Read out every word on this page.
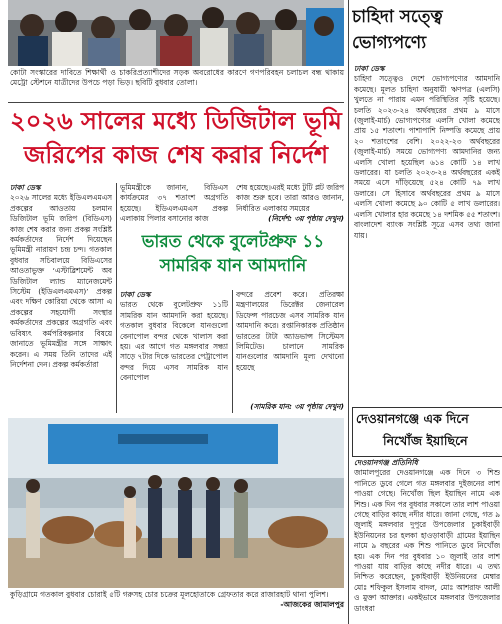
কোটা সংস্কারের দাবিতে শিক্ষার্থী ও চাকরিপ্রত্যাশীদের সড়ক অবরোধের কারণে গণপরিবহন চলাচল বন্ধ থাকায় মেট্রো স্টেশনে যাত্রীদের উপচে পড়া ভিড়। ছবিটি বুধবার তোলা।
২০২৬ সালের মধ্যে ডিজিটাল ভূমি জরিপের কাজ শেষ করার নির্দেশ
ঢাকা ডেস্ক
২০২৬ সালের মধ্যে ইডিএলএমএস প্রকল্পের আওতায় চলমান ডিজিটাল ভূমি জরিপ (বিডিএস) কাজ শেষ করার জন্য প্রকল্প সংশ্লিষ্ট কর্মকর্তাদের নির্দেশ দিয়েছেন ভূমিমন্ত্রী নারায়ণ চন্দ্র চন্দ। গতকাল বুধবার সচিবালয়ে বিডিএসের আওতাভুক্ত ‘এস্টাব্লিশমেন্ট অব ডিজিটাল ল্যান্ড ম্যানেজমেন্ট সিস্টেম (ইডিএলএমএস)’ প্রকল্প এবং দক্ষিণ কোরিয়া থেকে আসা এ প্রকল্পের সহযোগী সংস্থার কর্মকর্তাদের প্রকল্পের অগ্রগতি এবং ভবিষ্যৎ কর্মপরিকল্পনার বিষয়ে জানাতে ভূমিমন্ত্রীর সঙ্গে সাক্ষাৎ করেন। এ সময় তিনি তাদের এই নির্দেশনা দেন। প্রকল্প কর্মকর্তারা
ভূমিমন্ত্রীকে জানান, বিডিএস কার্যক্রমের ৩৭ শতাংশ অগ্রগতি হয়েছে। ইডিএলএমএস প্রকল্প এলাকায় পিলার বসানোর কাজ
শেষ হয়েছে।এরই মধ্যে টুটি প্লট জরিপ কাজ শুরু হবে। তারা আরও জানান, নির্ধারিত এলাকায় সময়ের
(নির্দেশ: ৩য় পৃষ্ঠায় দেখুন)
ভারত থেকে বুলেটপ্রুফ ১১ সামরিক যান আমদানি
ঢাকা ডেস্ক
ভারত থেকে বুলেটপ্রুফ ১১টি সামরিক যান আমদানি করা হয়েছে। গতকাল বুধবার বিকেলে যানগুলো বেনাপোল বন্দর থেকে খালাস করা হয়। এর আগে গত মঙ্গলবার সন্ধ্যা সাড়ে ৭টার দিকে ভারতের পেট্রাপোল বন্দর দিয়ে এসব সামরিক যান বেনাপোল
বন্দরে প্রবেশ করে। প্রতিরক্ষা মন্ত্রণালয়ের ডিরেক্টর জেনারেল ডিফেন্স পারচেজ এসব সামরিক যান আমদানি করে। রপ্তানিকারক প্রতিষ্ঠান ভারতের টাটা অ্যাডভান্স সিস্টেমস লিমিটেড। চালানে সামরিক যানগুলোর আমদানি মূল্য দেখানো হয়েছে
(সামরিক যান: ৩য় পৃষ্ঠায় দেখুন)
কুড়িগ্রামে গতকাল বুধবার চোরাই ৫টি গরুসহ চোর চক্রের মূলহোতাকে গ্রেফতার করে রাজারহাট থানা পুলিশ।
-আজকের জামালপুর
চাহিদা সত্ত্বে
ভোগ্যপণ্যে
ঢাকা ডেস্ক
চাহিদা সত্ত্বেও দেশে ভোগ্যপণ্যের আমদানি কমেছে। মূলত চাহিদা অনুযায়ী ঋণপত্র (এলসি) খুলতে না পারায় এমন পরিস্থিতির সৃষ্টি হয়েছে। চলতি ২০২৩-২৪ অর্থবছরের প্রথম ৯ মাসে (জুলাই-মার্চ) ভোগ্যপণ্যের এলসি খোলা কমেছে প্রায় ১৫ শতাংশ। পাশাপাশি নিষ্পত্তি কমেছে প্রায় ২০ শতাংশের বেশি। ২০২২-২৩ অর্থবছরের (জুলাই-মার্চ) সময়ে ভোগ্যপণ্য আমদানির জন্য এলসি খোলা হয়েছিল ৬১৪ কোটি ১৪ লাখ ডলারের। যা চলতি ২০২৩-২৪ অর্থবছরের একই সময়ে এসে দাঁড়িয়েছে ৫২৪ কোটি ৭৯ লাখ ডলারে। সে হিসাবে অর্থবছরের প্রথম ৯ মাসে এলসি খোলা কমেছে ৯০ কোটি ৫ লাখ ডলারের। এলসি খোলার হার কমেছে ১৪ দশমিক ৫৫ শতাংশ। বাংলাদেশ ব্যাংক সংশ্লিষ্ট সূত্রে এসব তথ্য জানা যায়।
দেওয়ানগঞ্জে এক দিনে
নিখোঁজ ইয়াছিনে
দেওয়ানগঞ্জ প্রতিনিধি
জামালপুরের দেওয়ানগঞ্জে এক দিনে ৩ শিশু পানিতে ডুবে গেলে গত মঙ্গলবার দুইজনের লাশ পাওয়া গেছে। নিখোঁজ ছিল ইয়াছিন নামে এক শিশু। এক দিন পর বুধবার সকালে তার লাশ পাওয়া গেছে বাড়ির কাছে নদীর ধারে। জানা গেছে, গত ৯ জুলাই মঙ্গলবার দুপুরে উপজেলার চুকাইবাড়ী ইউনিয়নের চর হলকা হাওড়াবাড়ী গ্রামের ইয়াছিন নামে ৯ বছরের এক শিশু পানিতে ডুবে নিখোঁজ হয়। এক দিন পর বুধবার ১০ জুলাই তার লাশ পাওয়া যায় বাড়ির কাছে নদীর ধারে। এ তথ্য নিশ্চিত করেছেন, চুকাইবাড়ী ইউনিয়নের মেম্বার মোঃ শফিকুল ইসলাম বাদল, মোঃ আশরাফ আলী ও মুক্তা আক্তার। একইভাবে মঙ্গলবার উপজেলার ডাংধরা
